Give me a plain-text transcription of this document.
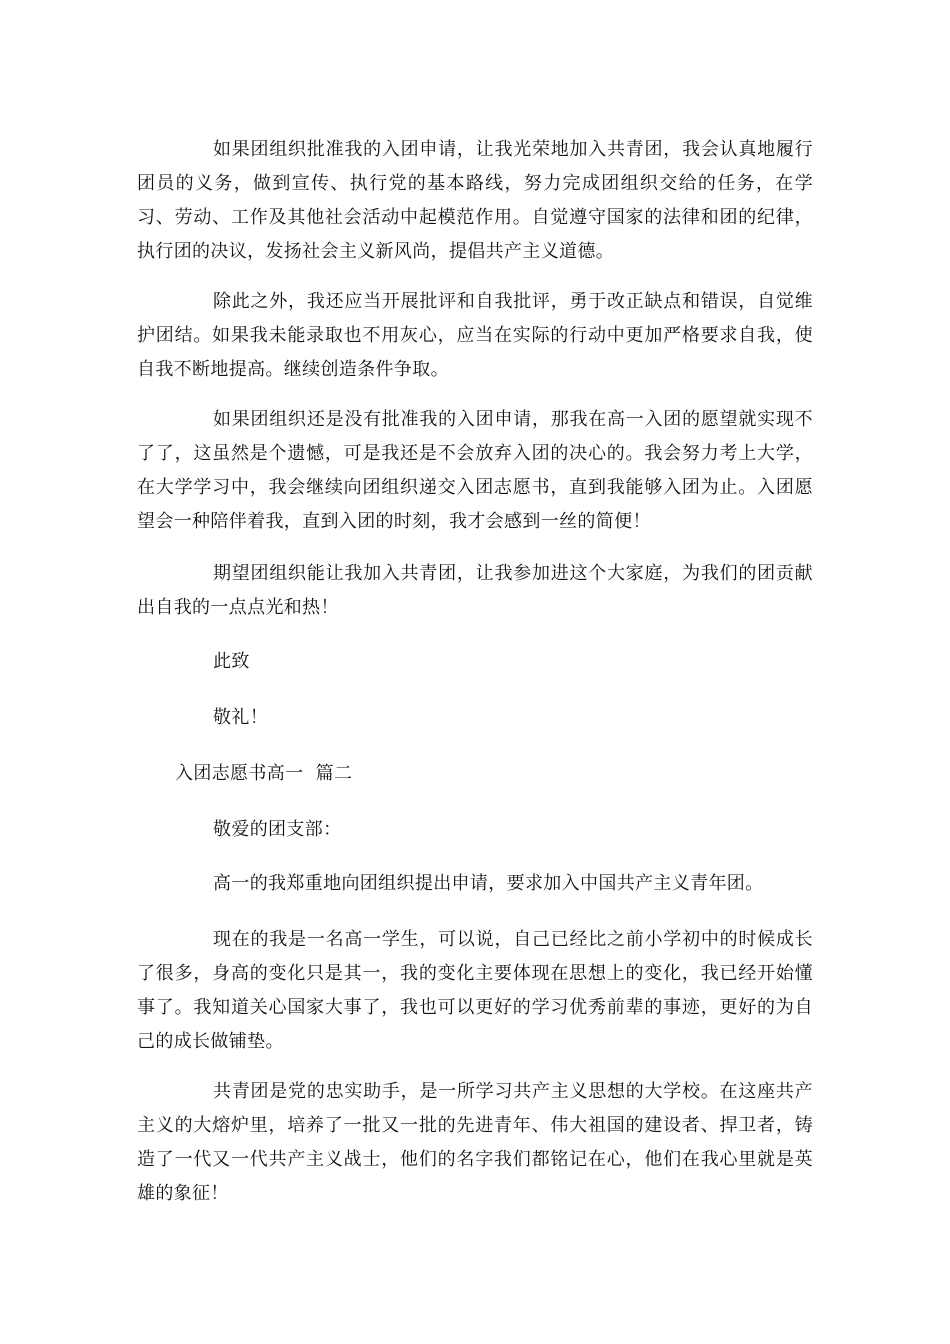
如果团组织批准我的入团申请，让我光荣地加入共青团，我会认真地履行团员的义务，做到宣传、执行党的基本路线，努力完成团组织交给的任务，在学习、劳动、工作及其他社会活动中起模范作用。自觉遵守国家的法律和团的纪律，执行团的决议，发扬社会主义新风尚，提倡共产主义道德。

除此之外，我还应当开展批评和自我批评，勇于改正缺点和错误，自觉维护团结。如果我未能录取也不用灰心，应当在实际的行动中更加严格要求自我，使自我不断地提高。继续创造条件争取。

如果团组织还是没有批准我的入团申请，那我在高一入团的愿望就实现不了了，这虽然是个遗憾，可是我还是不会放弃入团的决心的。我会努力考上大学，在大学学习中，我会继续向团组织递交入团志愿书，直到我能够入团为止。入团愿望会一种陪伴着我，直到入团的时刻，我才会感到一丝的简便！

期望团组织能让我加入共青团，让我参加进这个大家庭，为我们的团贡献出自我的一点点光和热！

此致

敬礼！

入团志愿书高一  篇二

敬爱的团支部：

高一的我郑重地向团组织提出申请，要求加入中国共产主义青年团。

现在的我是一名高一学生，可以说，自己已经比之前小学初中的时候成长了很多，身高的变化只是其一，我的变化主要体现在思想上的变化，我已经开始懂事了。我知道关心国家大事了，我也可以更好的学习优秀前辈的事迹，更好的为自己的成长做铺垫。

共青团是党的忠实助手，是一所学习共产主义思想的大学校。在这座共产主义的大熔炉里，培养了一批又一批的先进青年、伟大祖国的建设者、捍卫者，铸造了一代又一代共产主义战士，他们的名字我们都铭记在心，他们在我心里就是英雄的象征！
